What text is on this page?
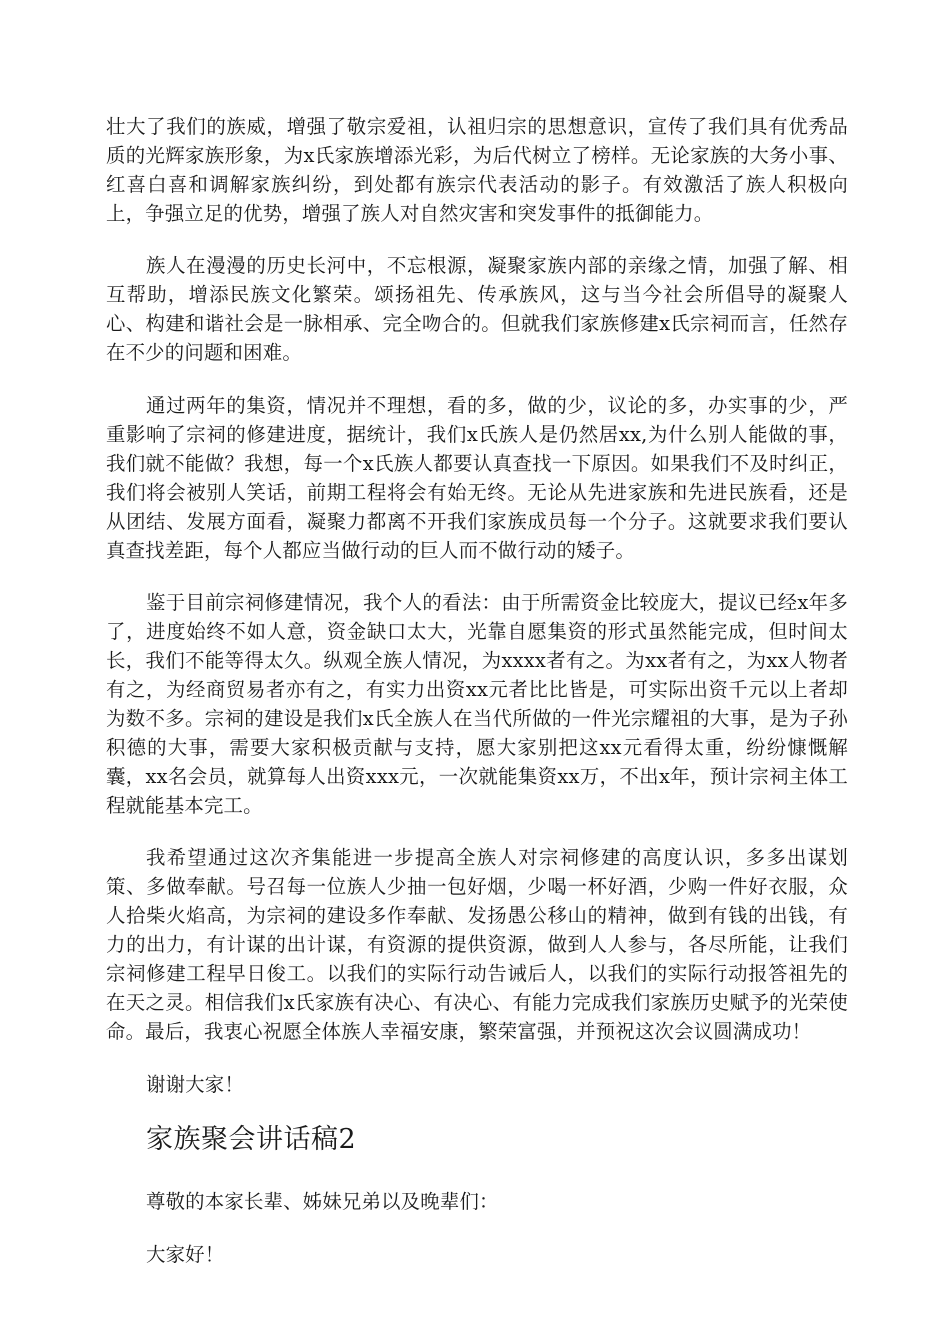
壮大了我们的族威，增强了敬宗爱祖，认祖归宗的思想意识，宣传了我们具有优秀品质的光辉家族形象，为x氏家族增添光彩，为后代树立了榜样。无论家族的大务小事、红喜白喜和调解家族纠纷，到处都有族宗代表活动的影子。有效激活了族人积极向上，争强立足的优势，增强了族人对自然灾害和突发事件的抵御能力。

族人在漫漫的历史长河中，不忘根源，凝聚家族内部的亲缘之情，加强了解、相互帮助，增添民族文化繁荣。颂扬祖先、传承族风，这与当今社会所倡导的凝聚人心、构建和谐社会是一脉相承、完全吻合的。但就我们家族修建x氏宗祠而言，任然存在不少的问题和困难。

通过两年的集资，情况并不理想，看的多，做的少，议论的多，办实事的少，严重影响了宗祠的修建进度，据统计，我们x氏族人是仍然居xx,为什么别人能做的事，我们就不能做？我想，每一个x氏族人都要认真查找一下原因。如果我们不及时纠正，我们将会被别人笑话，前期工程将会有始无终。无论从先进家族和先进民族看，还是从团结、发展方面看，凝聚力都离不开我们家族成员每一个分子。这就要求我们要认真查找差距，每个人都应当做行动的巨人而不做行动的矮子。

鉴于目前宗祠修建情况，我个人的看法：由于所需资金比较庞大，提议已经x年多了，进度始终不如人意，资金缺口太大，光靠自愿集资的形式虽然能完成，但时间太长，我们不能等得太久。纵观全族人情况，为xxxx者有之。为xx者有之，为xx人物者有之，为经商贸易者亦有之，有实力出资xx元者比比皆是，可实际出资千元以上者却为数不多。宗祠的建设是我们x氏全族人在当代所做的一件光宗耀祖的大事，是为子孙积德的大事，需要大家积极贡献与支持，愿大家别把这xx元看得太重，纷纷慷慨解囊，xx名会员，就算每人出资xxx元，一次就能集资xx万，不出x年，预计宗祠主体工程就能基本完工。

我希望通过这次齐集能进一步提高全族人对宗祠修建的高度认识，多多出谋划策、多做奉献。号召每一位族人少抽一包好烟，少喝一杯好酒，少购一件好衣服，众人拾柴火焰高，为宗祠的建设多作奉献、发扬愚公移山的精神，做到有钱的出钱，有力的出力，有计谋的出计谋，有资源的提供资源，做到人人参与，各尽所能，让我们宗祠修建工程早日俊工。以我们的实际行动告诫后人，以我们的实际行动报答祖先的在天之灵。相信我们x氏家族有决心、有决心、有能力完成我们家族历史赋予的光荣使命。最后，我衷心祝愿全体族人幸福安康，繁荣富强，并预祝这次会议圆满成功！

谢谢大家！

家族聚会讲话稿2

尊敬的本家长辈、姊妹兄弟以及晚辈们：

大家好！
